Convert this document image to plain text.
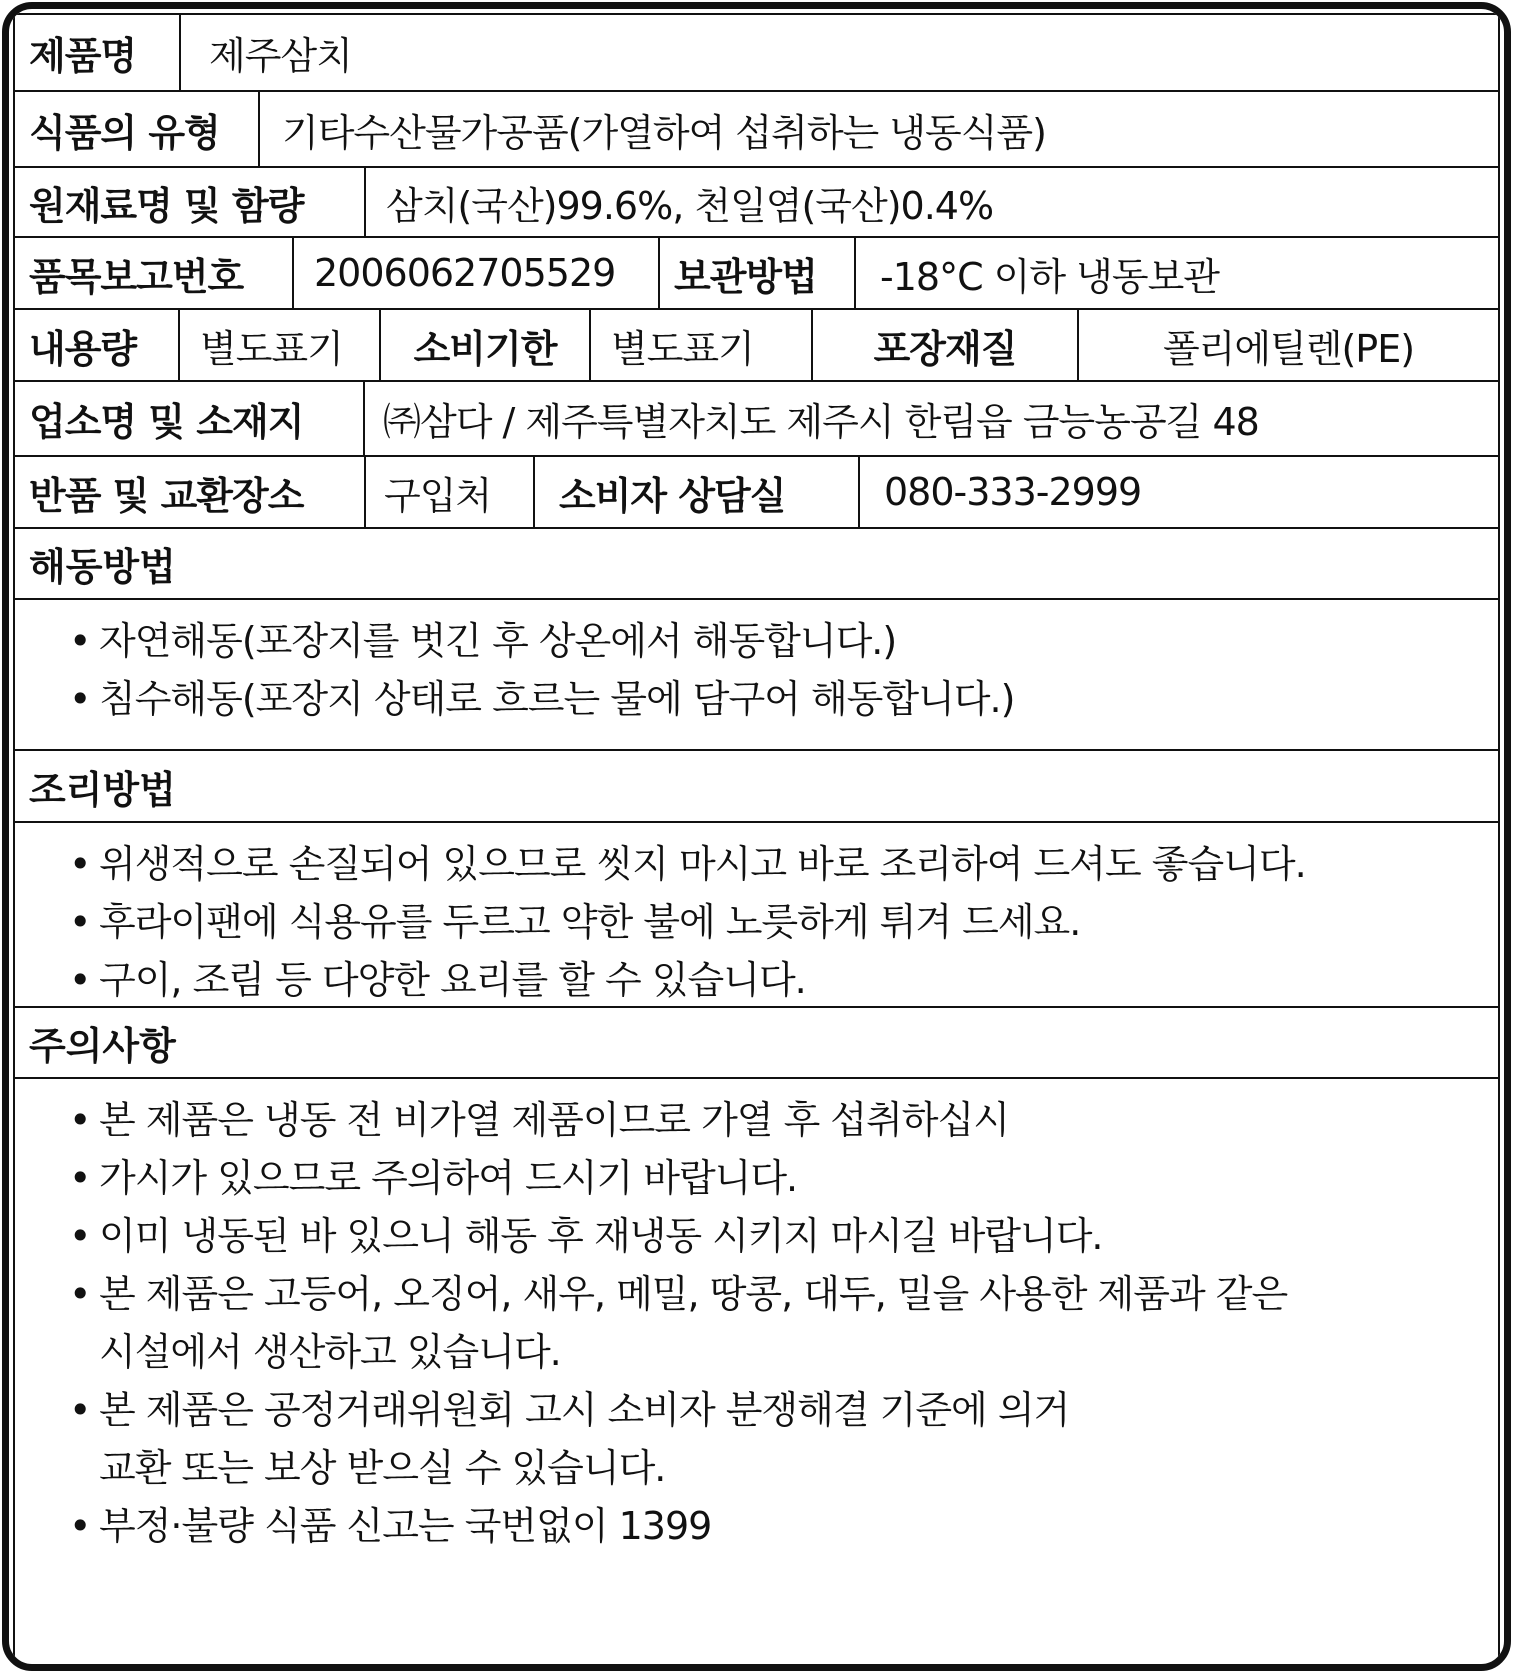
제품명	제주삼치
식품의 유형	기타수산물가공품(가열하여 섭취하는 냉동식품)
원재료명 및 함량	삼치(국산)99.6%, 천일염(국산)0.4%
품목보고번호	2006062705529	보관방법	-18°C 이하 냉동보관
내용량	별도표기	소비기한	별도표기	포장재질	폴리에틸렌(PE)
업소명 및 소재지	㈜삼다 / 제주특별자치도 제주시 한림읍 금능농공길 48
반품 및 교환장소	구입처	소비자 상담실	080-333-2999
해동방법
• 자연해동(포장지를 벗긴 후 상온에서 해동합니다.)
• 침수해동(포장지 상태로 흐르는 물에 담구어 해동합니다.)
조리방법
• 위생적으로 손질되어 있으므로 씻지 마시고 바로 조리하여 드셔도 좋습니다.
• 후라이팬에 식용유를 두르고 약한 불에 노릇하게 튀겨 드세요.
• 구이, 조림 등 다양한 요리를 할 수 있습니다.
주의사항
• 본 제품은 냉동 전 비가열 제품이므로 가열 후 섭취하십시
• 가시가 있으므로 주의하여 드시기 바랍니다.
• 이미 냉동된 바 있으니 해동 후 재냉동 시키지 마시길 바랍니다.
• 본 제품은 고등어, 오징어, 새우, 메밀, 땅콩, 대두, 밀을 사용한 제품과 같은
시설에서 생산하고 있습니다.
• 본 제품은 공정거래위원회 고시 소비자 분쟁해결 기준에 의거
교환 또는 보상 받으실 수 있습니다.
• 부정·불량 식품 신고는 국번없이 1399
